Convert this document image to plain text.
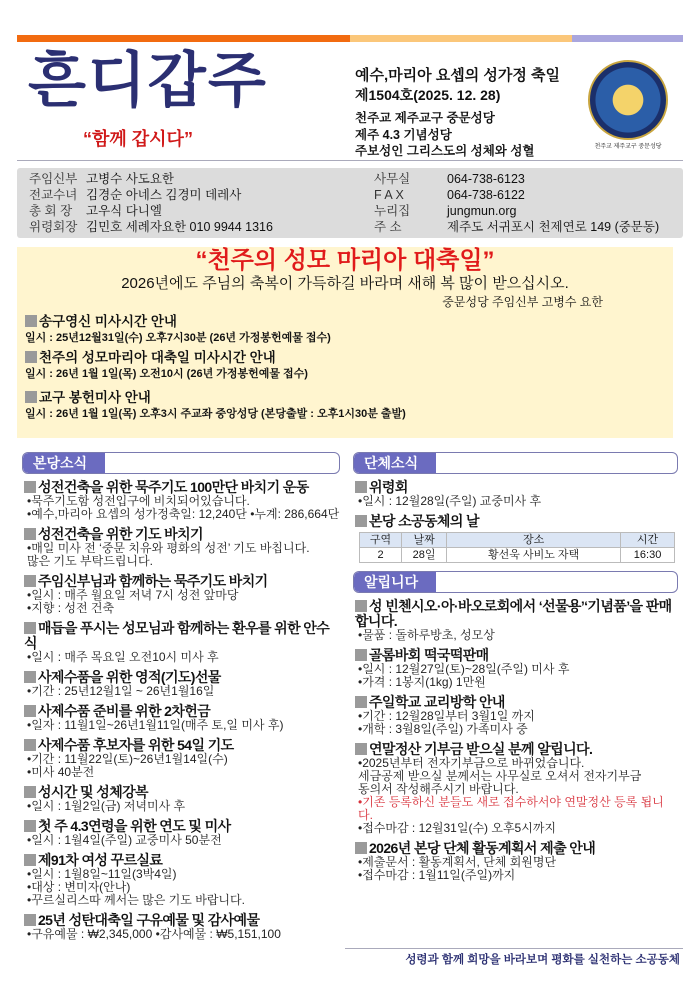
흔디갑주
“함께 갑시다”
예수,마리아 요셉의 성가정 축일
제1504호(2025. 12. 28)
천주교 제주교구 중문성당
제주 4.3 기념성당
주보성인 그리스도의 성체와 성혈	천주교 제주교구 중문성당
주임신부 고병수 사도요한
전교수녀 김경순 아네스 김경미 데레사
총 회 장	고우식 다니엘
위령회장 김민호 세례자요한 010 9944 1316
사무실	064-738-6123
F A X	064-738-6122
누리집	jungmun.org
주 소	제주도 서귀포시 천제연로 149 (중문동)
“천주의 성모 마리아 대축일”
2026년에도 주님의 축복이 가득하길 바라며 새해 복 많이 받으십시오.
중문성당 주임신부 고병수 요한
송구영신 미사시간 안내
일시 : 25년12월31일(수) 오후7시30분 (26년 가정봉헌예물 접수)
천주의 성모마리아 대축일 미사시간 안내
일시 : 26년 1월 1일(목) 오전10시 (26년 가정봉헌예물 접수)
교구 봉헌미사 안내
일시 : 26년 1월 1일(목) 오후3시 주교좌 중앙성당 (본당출발 : 오후1시30분 출발)
본당소식
성전건축을 위한 묵주기도 100만단 바치기 운동
•묵주기도함 성전입구에 비치되어있습니다.
•예수,마리아 요셉의 성가정축일: 12,240단 •누계: 286,664단
성전건축을 위한 기도 바치기
•매일 미사 전 ‘중문 치유와 평화의 성전’ 기도 바칩니다.
많은 기도 부탁드립니다.
주임신부님과 함께하는 묵주기도 바치기
•일시 : 매주 월요일 저녁 7시 성전 앞마당
•지향 : 성전 건축
매듭을 푸시는 성모님과 함께하는 환우를 위한 안수식
•일시 : 매주 목요일 오전10시 미사 후
사제수품을 위한 영적(기도)선물
•기간 : 25년12월1일 ~ 26년1월16일
사제수품 준비를 위한 2차헌금
•일자 : 11월1일~26년1월11일(매주 토,일 미사 후)
사제수품 후보자를 위한 54일 기도
•기간 : 11월22일(토)~26년1월14일(수)
•미사 40분전
성시간 및 성체강복
•일시 : 1월2일(금) 저녁미사 후
첫 주 4.3연령을 위한 연도 및 미사
•일시 : 1월4일(주일) 교중미사 50분전
제91차 여성 꾸르실료
•일시 : 1월8일~11일(3박4일)
•대상 : 변미자(안나)
•꾸르실리스따 께서는 많은 기도 바랍니다.
25년 성탄대축일 구유예물 및 감사예물
•구유예물 : ₩2,345,000 •감사예물 : ₩5,151,100
단체소식
위령회
•일시 : 12월28일(주일) 교중미사 후
본당 소공동체의 날
구역	날짜	장소	시간
2	28일	황선욱 사비노 자택	16:30
알립니다
성 빈첸시오·아·바오로회에서 ‘선물용’‘기념품’을 판매합니다.
•물품 : 돌하루방초, 성모상
골롬바회 떡국떡판매
•일시 : 12월27일(토)~28일(주일) 미사 후
•가격 : 1봉지(1kg) 1만원
주일학교 교리방학 안내
•기간 : 12월28일부터 3월1일 까지
•개학 : 3월8일(주일) 가족미사 중
연말정산 기부금 받으실 분께 알립니다.
•2025년부터 전자기부금으로 바뀌었습니다.
세금공제 받으실 분께서는 사무실로 오셔서 전자기부금
동의서 작성해주시기 바랍니다.
•기존 등록하신 분들도 새로 접수하서야 연말정산 등록 됩니다.
•접수마감 : 12월31일(수) 오후5시까지
2026년 본당 단체 활동계획서 제출 안내
•제출문서 : 활동계획서, 단체 회원명단
•접수마감 : 1월11일(주일)까지
성령과 함께 희망을 바라보며 평화를 실천하는 소공동체
